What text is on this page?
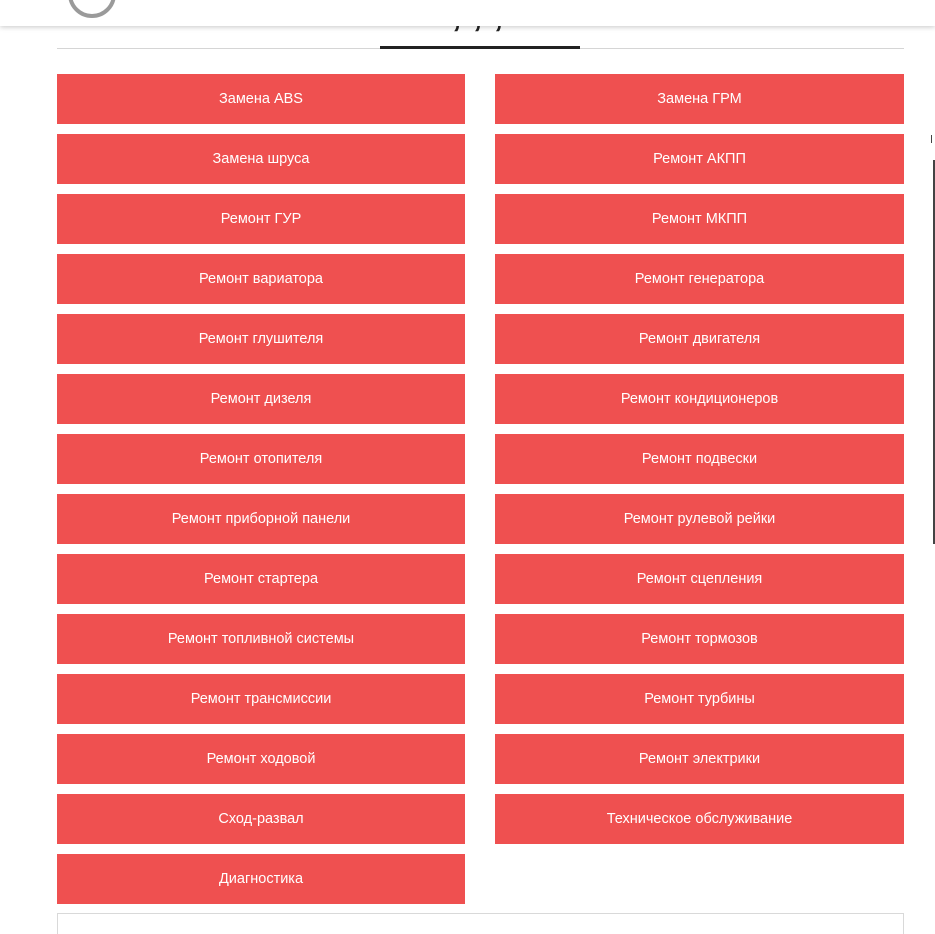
Замена ABS	Замена ГРМ
Замена шруса	Ремонт АКПП
Ремонт ГУР	Ремонт МКПП
Ремонт вариатора	Ремонт генератора
Ремонт глушителя	Ремонт двигателя
Ремонт дизеля	Ремонт кондиционеров
Ремонт отопителя	Ремонт подвески
Ремонт приборной панели	Ремонт рулевой рейки
Ремонт стартера	Ремонт сцепления
Ремонт топливной системы	Ремонт тормозов
Ремонт трансмиссии	Ремонт турбины
Ремонт ходовой	Ремонт электрики
Сход-развал	Техническое обслуживание
Диагностика
